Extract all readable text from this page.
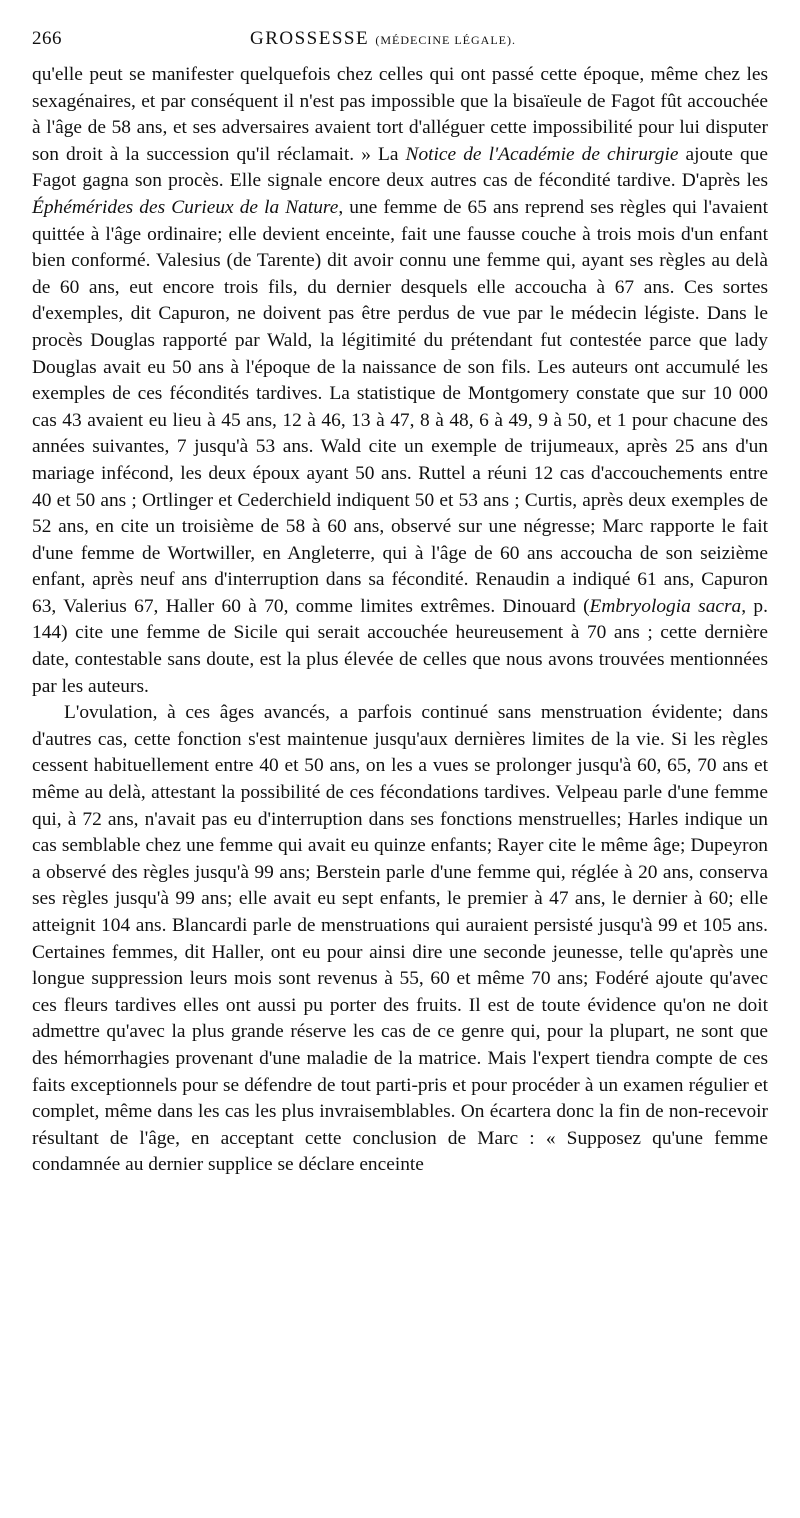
266	GROSSESSE (MÉDECINE LÉGALE).

qu'elle peut se manifester quelquefois chez celles qui ont passé cette époque, même chez les sexagénaires, et par conséquent il n'est pas impossible que la bisaïeule de Fagot fût accouchée à l'âge de 58 ans, et ses adversaires avaient tort d'alléguer cette impossibilité pour lui disputer son droit à la succession qu'il réclamait. » La Notice de l'Académie de chirurgie ajoute que Fagot gagna son procès. Elle signale encore deux autres cas de fécondité tardive. D'après les Éphémérides des Curieux de la Nature, une femme de 65 ans reprend ses règles qui l'avaient quittée à l'âge ordinaire; elle devient enceinte, fait une fausse couche à trois mois d'un enfant bien conformé. Valesius (de Tarente) dit avoir connu une femme qui, ayant ses règles au delà de 60 ans, eut encore trois fils, du dernier desquels elle accoucha à 67 ans. Ces sortes d'exemples, dit Capuron, ne doivent pas être perdus de vue par le médecin légiste. Dans le procès Douglas rapporté par Wald, la légitimité du prétendant fut contestée parce que lady Douglas avait eu 50 ans à l'époque de la naissance de son fils. Les auteurs ont accumulé les exemples de ces fécondités tardives. La statistique de Montgomery constate que sur 10 000 cas 43 avaient eu lieu à 45 ans, 12 à 46, 13 à 47, 8 à 48, 6 à 49, 9 à 50, et 1 pour chacune des années suivantes, 7 jusqu'à 53 ans. Wald cite un exemple de trijumeaux, après 25 ans d'un mariage infécond, les deux époux ayant 50 ans. Ruttel a réuni 12 cas d'accouchements entre 40 et 50 ans ; Ortlinger et Cederchield indiquent 50 et 53 ans ; Curtis, après deux exemples de 52 ans, en cite un troisième de 58 à 60 ans, observé sur une négresse; Marc rapporte le fait d'une femme de Wortwiller, en Angleterre, qui à l'âge de 60 ans accoucha de son seizième enfant, après neuf ans d'interruption dans sa fécondité. Renaudin a indiqué 61 ans, Capuron 63, Valerius 67, Haller 60 à 70, comme limites extrêmes. Dinouard (Embryologia sacra, p. 144) cite une femme de Sicile qui serait accouchée heureusement à 70 ans ; cette dernière date, contestable sans doute, est la plus élevée de celles que nous avons trouvées mentionnées par les auteurs.

L'ovulation, à ces âges avancés, a parfois continué sans menstruation évidente; dans d'autres cas, cette fonction s'est maintenue jusqu'aux dernières limites de la vie. Si les règles cessent habituellement entre 40 et 50 ans, on les a vues se prolonger jusqu'à 60, 65, 70 ans et même au delà, attestant la possibilité de ces fécondations tardives. Velpeau parle d'une femme qui, à 72 ans, n'avait pas eu d'interruption dans ses fonctions menstruelles; Harles indique un cas semblable chez une femme qui avait eu quinze enfants; Rayer cite le même âge; Dupeyron a observé des règles jusqu'à 99 ans; Berstein parle d'une femme qui, réglée à 20 ans, conserva ses règles jusqu'à 99 ans; elle avait eu sept enfants, le premier à 47 ans, le dernier à 60; elle atteignit 104 ans. Blancardi parle de menstruations qui auraient persisté jusqu'à 99 et 105 ans. Certaines femmes, dit Haller, ont eu pour ainsi dire une seconde jeunesse, telle qu'après une longue suppression leurs mois sont revenus à 55, 60 et même 70 ans; Fodéré ajoute qu'avec ces fleurs tardives elles ont aussi pu porter des fruits. Il est de toute évidence qu'on ne doit admettre qu'avec la plus grande réserve les cas de ce genre qui, pour la plupart, ne sont que des hémorrhagies provenant d'une maladie de la matrice. Mais l'expert tiendra compte de ces faits exceptionnels pour se défendre de tout parti-pris et pour procéder à un examen régulier et complet, même dans les cas les plus invraisemblables. On écartera donc la fin de non-recevoir résultant de l'âge, en acceptant cette conclusion de Marc : « Supposez qu'une femme condamnée au dernier supplice se déclare enceinte
